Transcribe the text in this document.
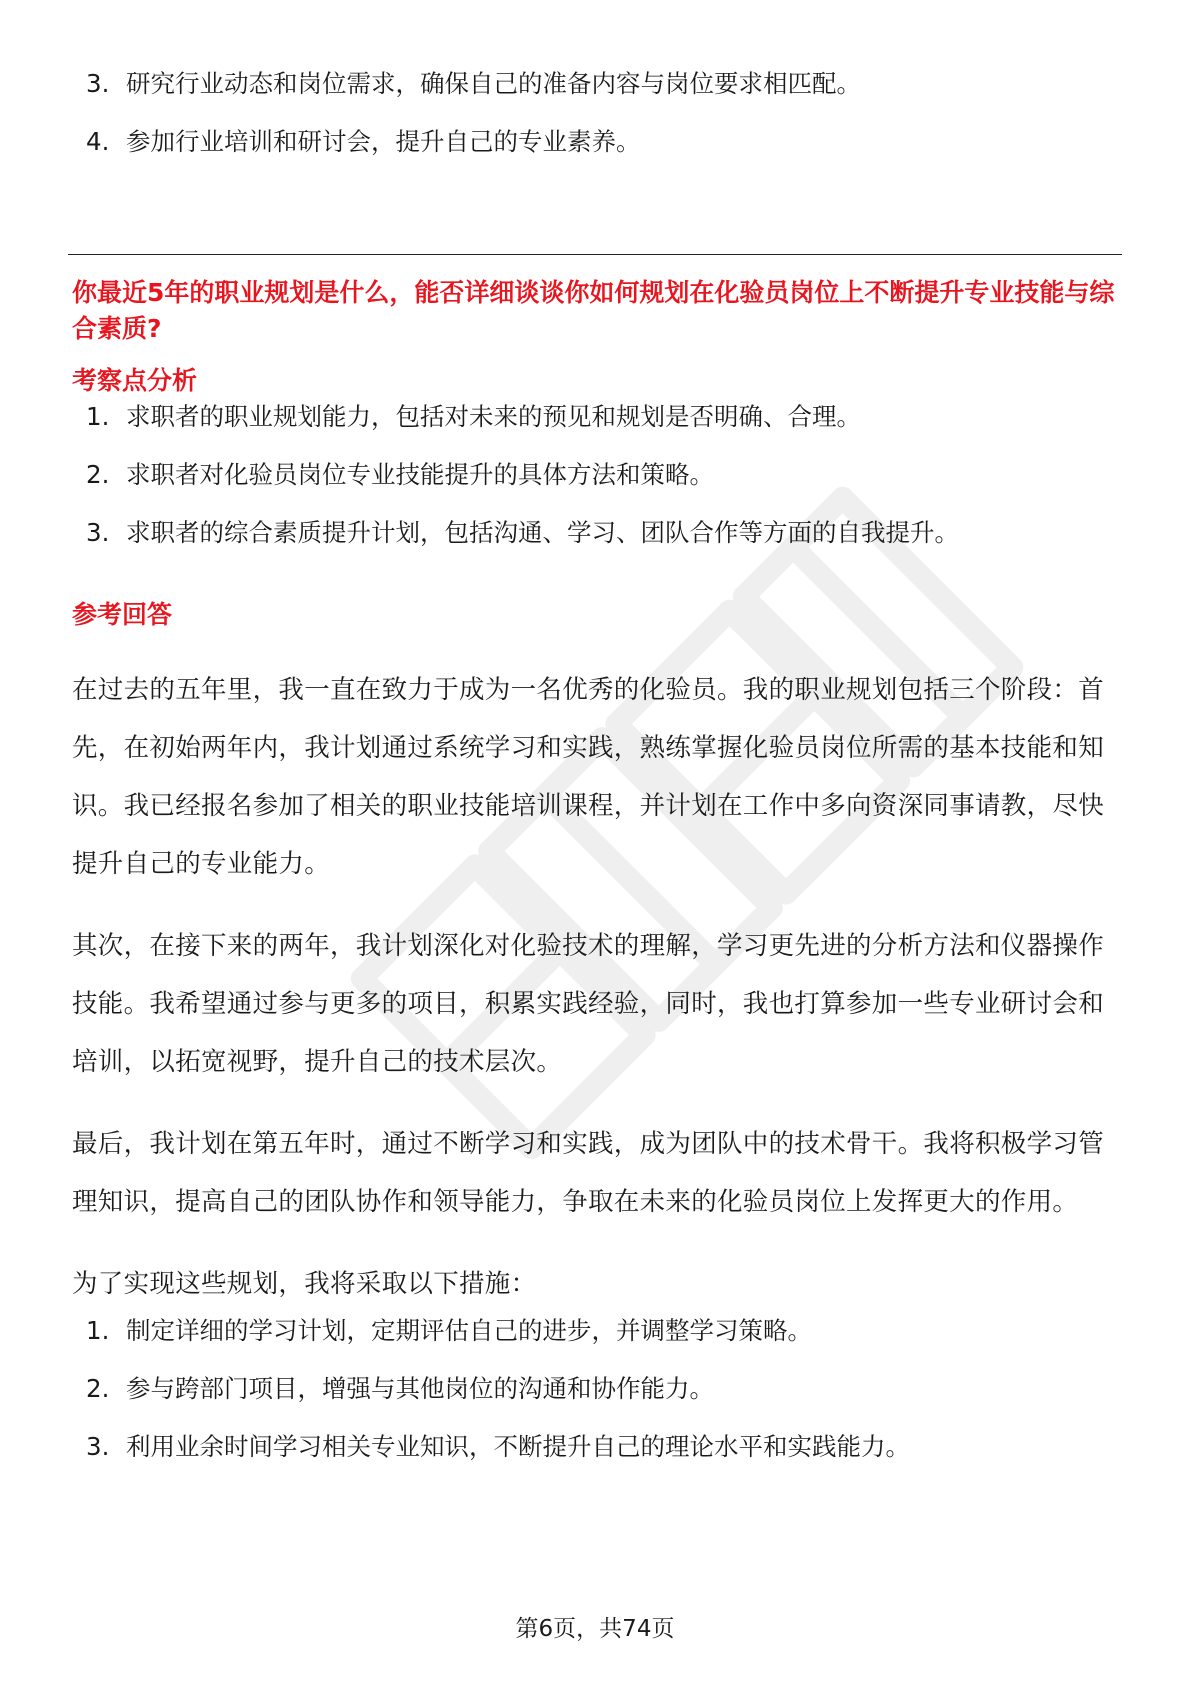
3. 研究行业动态和岗位需求，确保自己的准备内容与岗位要求相匹配。
4. 参加行业培训和研讨会，提升自己的专业素养。
你最近5年的职业规划是什么，能否详细谈谈你如何规划在化验员岗位上不断提升专业技能与综合素质?
考察点分析
1. 求职者的职业规划能力，包括对未来的预见和规划是否明确、合理。
2. 求职者对化验员岗位专业技能提升的具体方法和策略。
3. 求职者的综合素质提升计划，包括沟通、学习、团队合作等方面的自我提升。
参考回答

在过去的五年里，我一直在致力于成为一名优秀的化验员。我的职业规划包括三个阶段：首先，在初始两年内，我计划通过系统学习和实践，熟练掌握化验员岗位所需的基本技能和知识。我已经报名参加了相关的职业技能培训课程，并计划在工作中多向资深同事请教，尽快提升自己的专业能力。

其次，在接下来的两年，我计划深化对化验技术的理解，学习更先进的分析方法和仪器操作技能。我希望通过参与更多的项目，积累实践经验，同时，我也打算参加一些专业研讨会和培训，以拓宽视野，提升自己的技术层次。

最后，我计划在第五年时，通过不断学习和实践，成为团队中的技术骨干。我将积极学习管理知识，提高自己的团队协作和领导能力，争取在未来的化验员岗位上发挥更大的作用。

为了实现这些规划，我将采取以下措施：

1. 制定详细的学习计划，定期评估自己的进步，并调整学习策略。
2. 参与跨部门项目，增强与其他岗位的沟通和协作能力。
3. 利用业余时间学习相关专业知识，不断提升自己的理论水平和实践能力。
第6页，共74页
